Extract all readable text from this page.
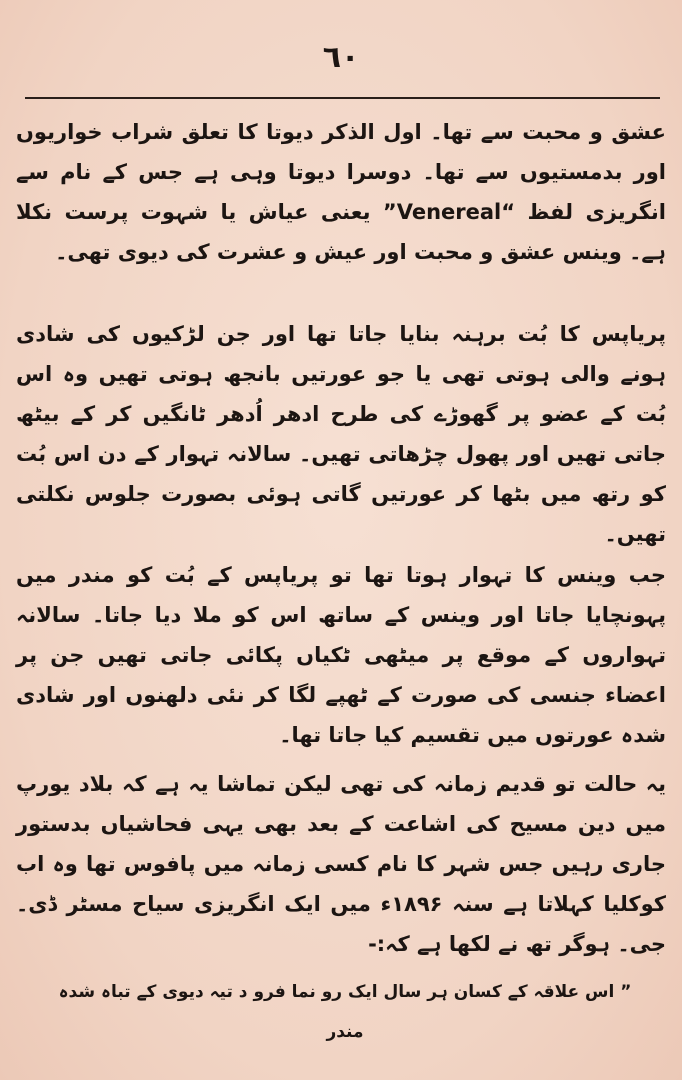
٦٠
عشق و محبت سے تھا۔ اول الذکر دیوتا کا تعلق شراب خواریوں اور بدمستیوں سے تھا۔ دوسرا دیوتا وہی ہے جس کے نام سے انگریزی لفظ “Venereal” یعنی عیاش یا شہوت پرست نکلا ہے۔ وینس عشق و محبت اور عیش و عشرت کی دیوی تھی۔
پریاپس کا بُت برہنہ بنایا جاتا تھا اور جن لڑکیوں کی شادی ہونے والی ہوتی تھی یا جو عورتیں بانجھ ہوتی تھیں وہ اس بُت کے عضو پر گھوڑے کی طرح ادھر اُدھر ٹانگیں کر کے بیٹھ جاتی تھیں اور پھول چڑھاتی تھیں۔ سالانہ تہوار کے دن اس بُت کو رتھ میں بٹھا کر عورتیں گاتی ہوئی بصورت جلوس نکلتی تھیں۔
جب وینس کا تہوار ہوتا تھا تو پریاپس کے بُت کو مندر میں پہونچایا جاتا اور وینس کے ساتھ اس کو ملا دیا جاتا۔ سالانہ تہواروں کے موقع پر میٹھی ٹکیاں پکائی جاتی تھیں جن پر اعضاء جنسی کی صورت کے ٹھپے لگا کر نئی دلھنوں اور شادی شدہ عورتوں میں تقسیم کیا جاتا تھا۔
یہ حالت تو قدیم زمانہ کی تھی لیکن تماشا یہ ہے کہ بلاد یورپ میں دین مسیح کی اشاعت کے بعد بھی یہی فحاشیاں بدستور جاری رہیں جس شہر کا نام کسی زمانہ میں پافوس تھا وہ اب کوکلیا کہلاتا ہے سنہ ۱۸۹۶ء میں ایک انگریزی سیاح مسٹر ڈی۔ جی۔ ہوگر تھ نے لکھا ہے کہ:-
” اس علاقہ کے کسان ہر سال ایک رو نما فرو د تیہ دیوی کے تباہ شدہ مندر
